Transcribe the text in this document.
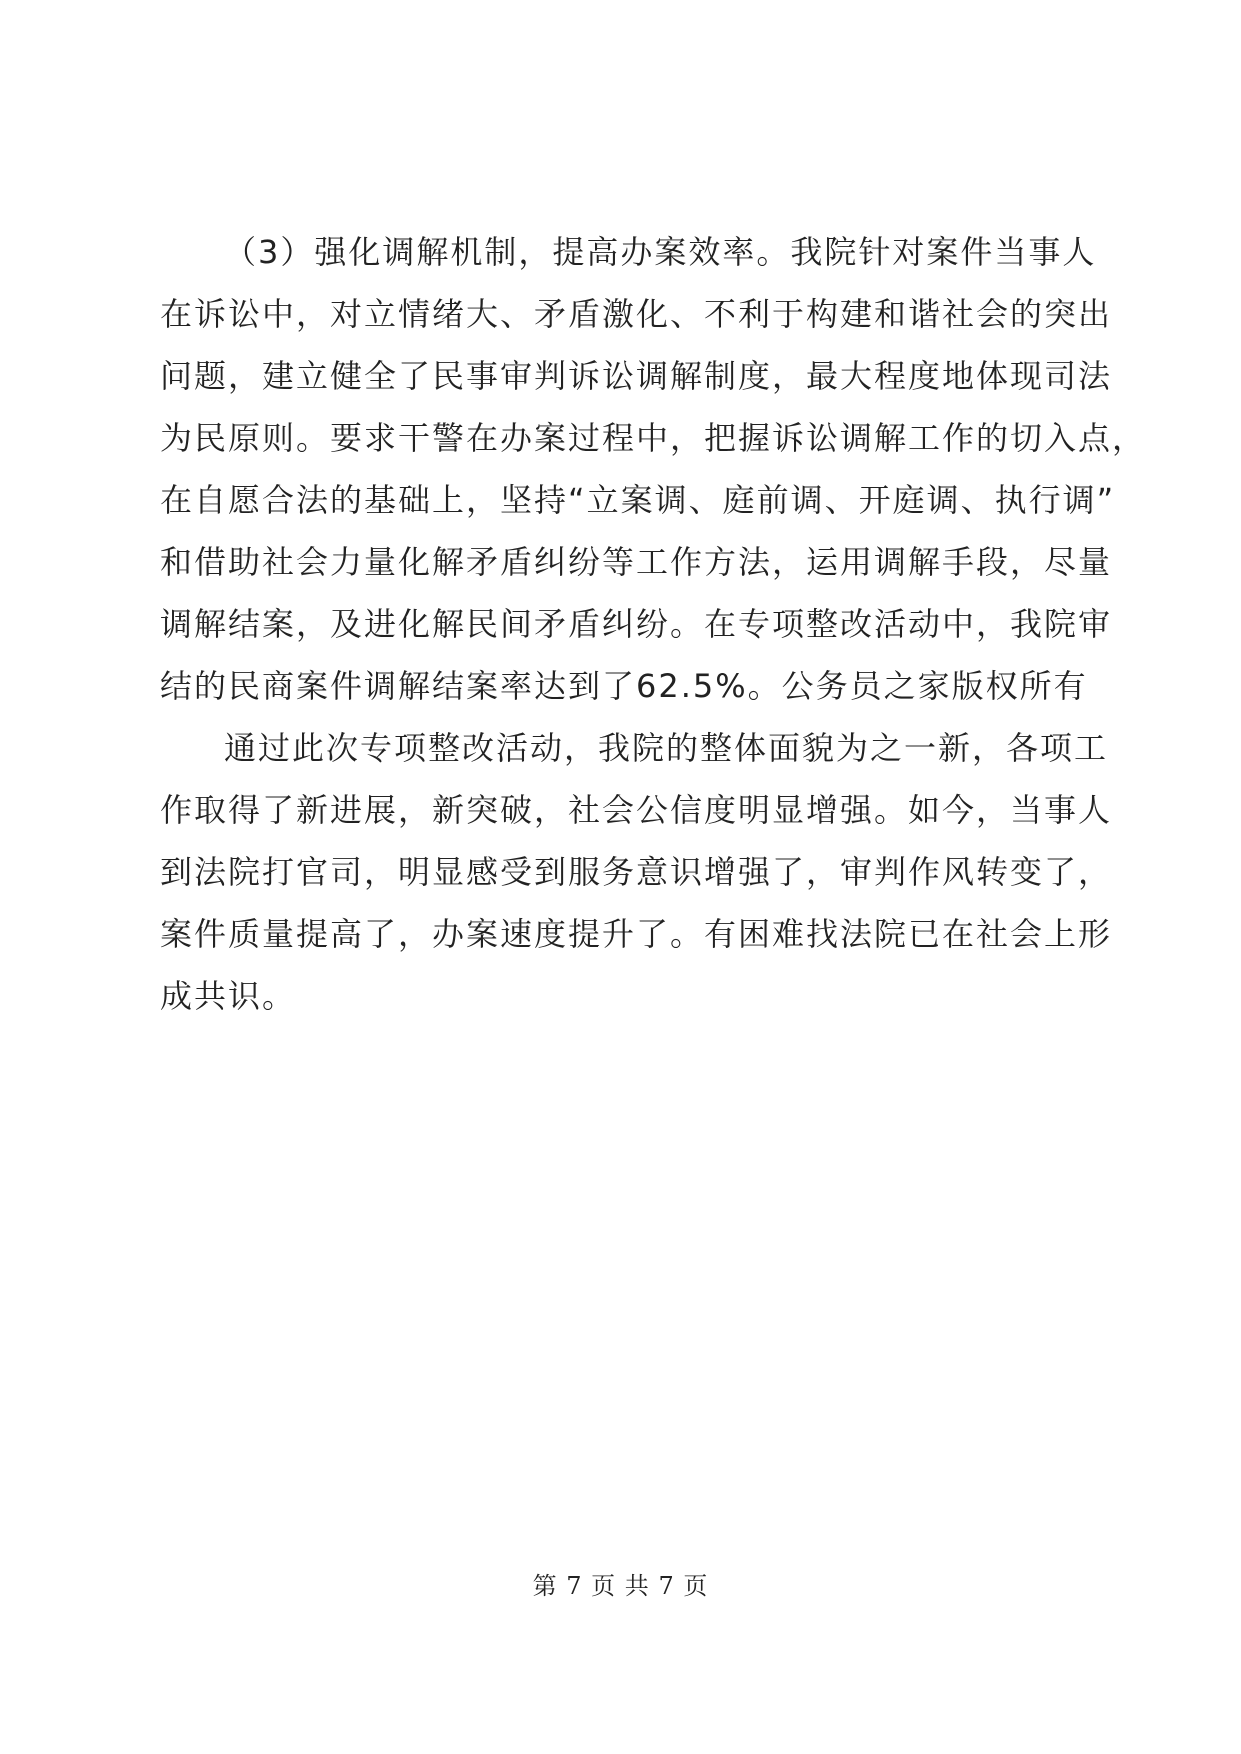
（3）强化调解机制，提高办案效率。我院针对案件当事人
在诉讼中，对立情绪大、矛盾激化、不利于构建和谐社会的突出
问题，建立健全了民事审判诉讼调解制度，最大程度地体现司法
为民原则。要求干警在办案过程中，把握诉讼调解工作的切入点，
在自愿合法的基础上，坚持“立案调、庭前调、开庭调、执行调”
和借助社会力量化解矛盾纠纷等工作方法，运用调解手段，尽量
调解结案，及进化解民间矛盾纠纷。在专项整改活动中，我院审
结的民商案件调解结案率达到了62.5%。公务员之家版权所有
通过此次专项整改活动，我院的整体面貌为之一新，各项工
作取得了新进展，新突破，社会公信度明显增强。如今，当事人
到法院打官司，明显感受到服务意识增强了，审判作风转变了，
案件质量提高了，办案速度提升了。有困难找法院已在社会上形
成共识。
第 7 页 共 7 页
